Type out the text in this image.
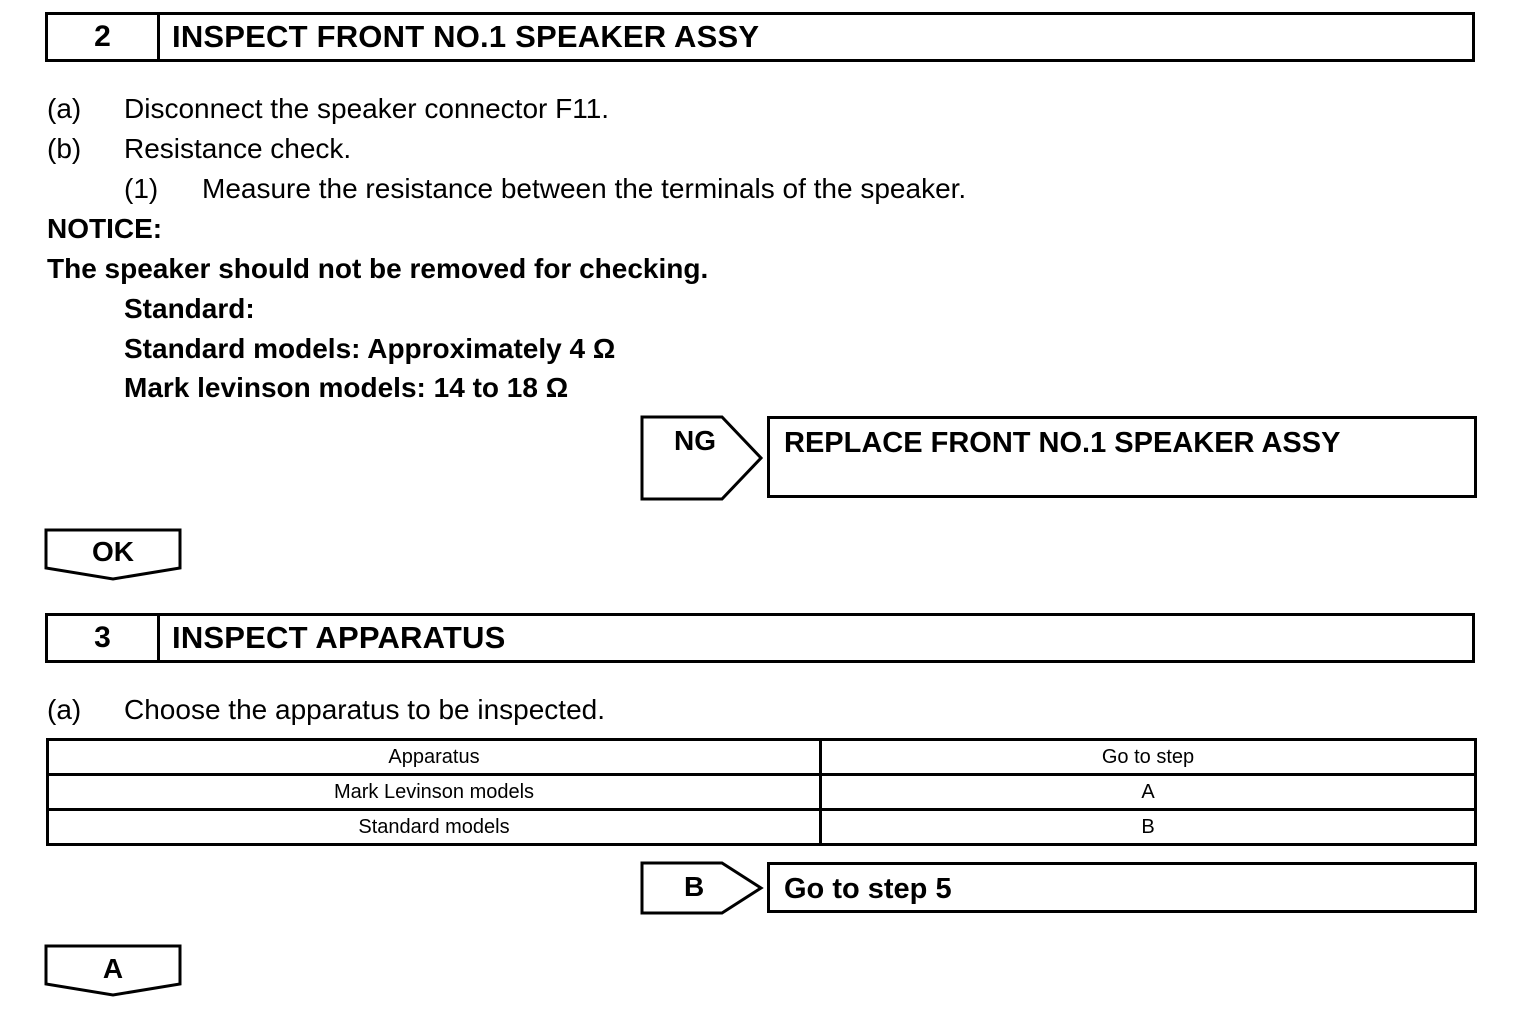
2	INSPECT FRONT NO.1 SPEAKER ASSY
(a) Disconnect the speaker connector F11.
(b) Resistance check.
(1) Measure the resistance between the terminals of the speaker.
NOTICE:
The speaker should not be removed for checking.
Standard:
Standard models: Approximately 4 Ω
Mark levinson models: 14 to 18 Ω
NG	REPLACE FRONT NO.1 SPEAKER ASSY
OK
3	INSPECT APPARATUS
(a) Choose the apparatus to be inspected.
Apparatus	Go to step
Mark Levinson models	A
Standard models	B
B	Go to step 5
A
